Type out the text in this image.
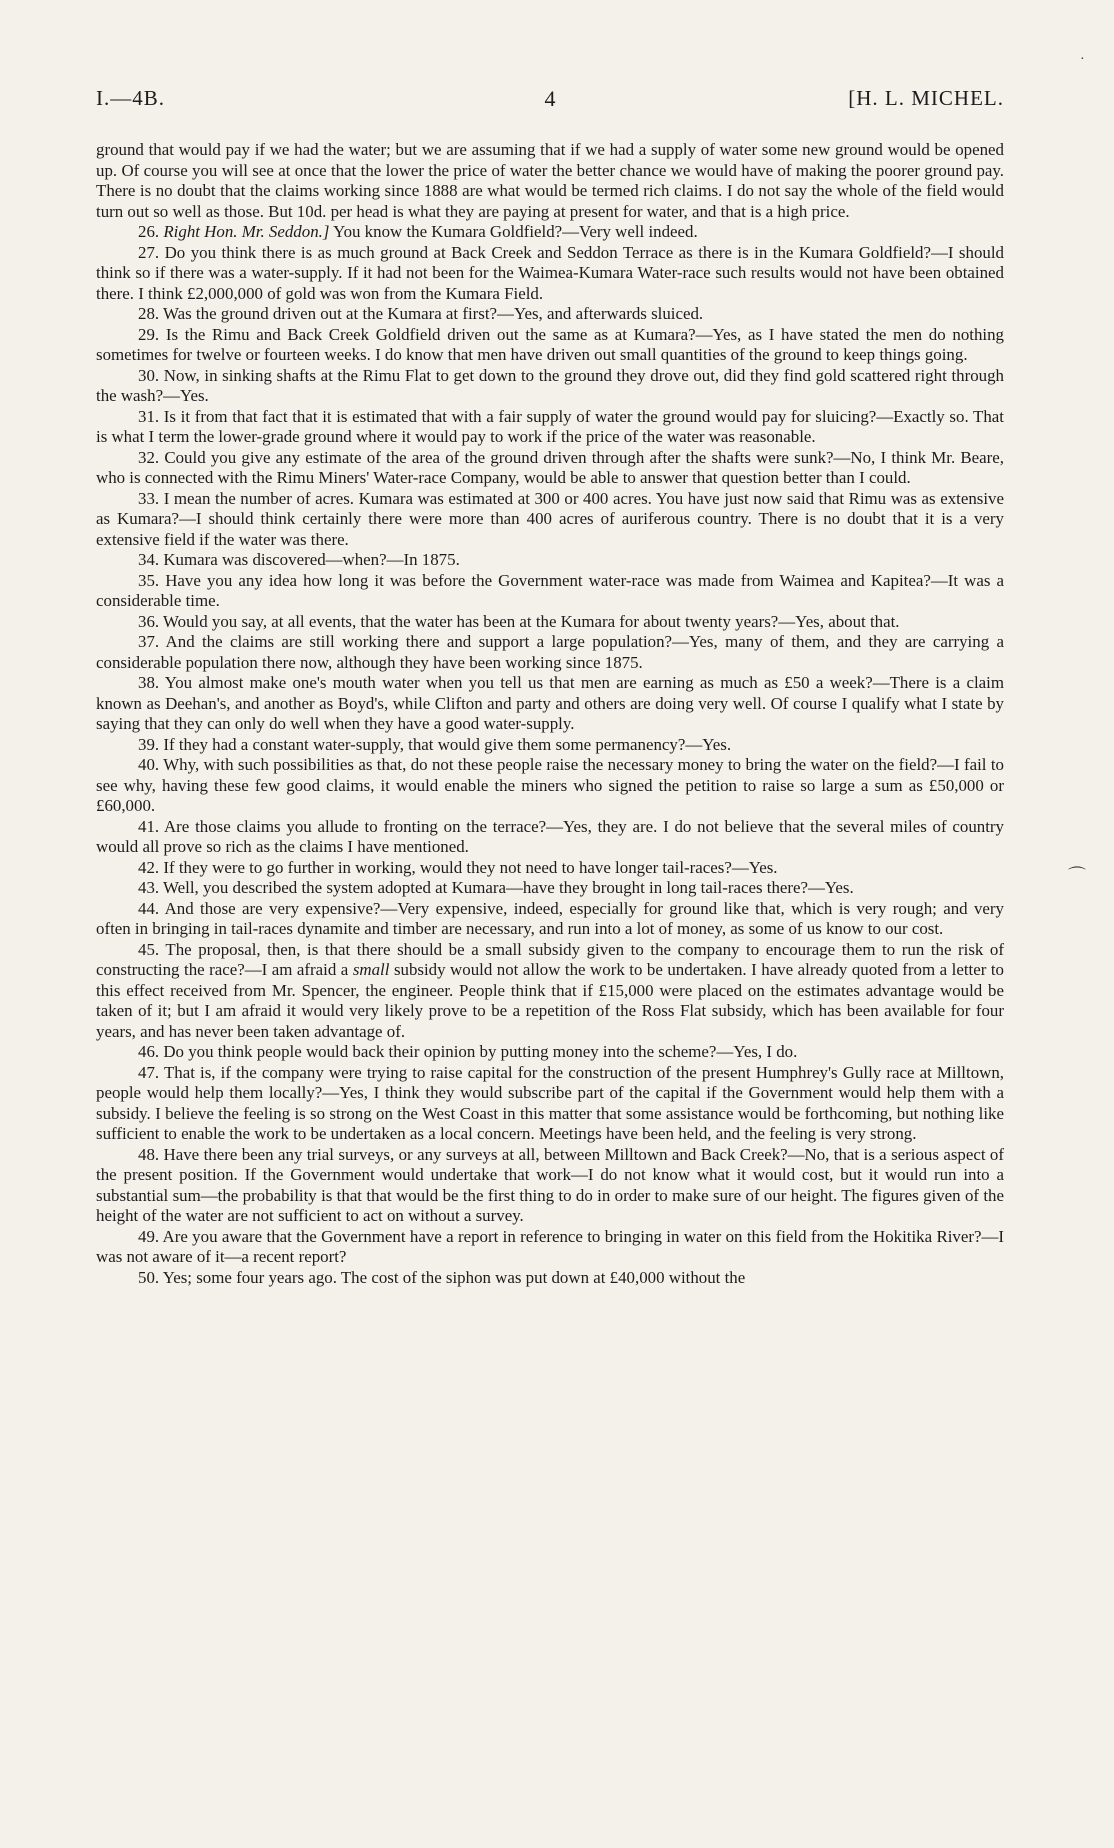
I.—4B.	4	[H. L. MICHEL.

ground that would pay if we had the water; but we are assuming that if we had a supply of water some new ground would be opened up. Of course you will see at once that the lower the price of water the better chance we would have of making the poorer ground pay. There is no doubt that the claims working since 1888 are what would be termed rich claims. I do not say the whole of the field would turn out so well as those. But 10d. per head is what they are paying at present for water, and that is a high price.

26. Right Hon. Mr. Seddon.] You know the Kumara Goldfield?—Very well indeed.

27. Do you think there is as much ground at Back Creek and Seddon Terrace as there is in the Kumara Goldfield?—I should think so if there was a water-supply. If it had not been for the Waimea-Kumara Water-race such results would not have been obtained there. I think £2,000,000 of gold was won from the Kumara Field.

28. Was the ground driven out at the Kumara at first?—Yes, and afterwards sluiced.

29. Is the Rimu and Back Creek Goldfield driven out the same as at Kumara?—Yes, as I have stated the men do nothing sometimes for twelve or fourteen weeks. I do know that men have driven out small quantities of the ground to keep things going.

30. Now, in sinking shafts at the Rimu Flat to get down to the ground they drove out, did they find gold scattered right through the wash?—Yes.

31. Is it from that fact that it is estimated that with a fair supply of water the ground would pay for sluicing?—Exactly so. That is what I term the lower-grade ground where it would pay to work if the price of the water was reasonable.

32. Could you give any estimate of the area of the ground driven through after the shafts were sunk?—No, I think Mr. Beare, who is connected with the Rimu Miners' Water-race Company, would be able to answer that question better than I could.

33. I mean the number of acres. Kumara was estimated at 300 or 400 acres. You have just now said that Rimu was as extensive as Kumara?—I should think certainly there were more than 400 acres of auriferous country. There is no doubt that it is a very extensive field if the water was there.

34. Kumara was discovered—when?—In 1875.

35. Have you any idea how long it was before the Government water-race was made from Waimea and Kapitea?—It was a considerable time.

36. Would you say, at all events, that the water has been at the Kumara for about twenty years?—Yes, about that.

37. And the claims are still working there and support a large population?—Yes, many of them, and they are carrying a considerable population there now, although they have been working since 1875.

38. You almost make one's mouth water when you tell us that men are earning as much as £50 a week?—There is a claim known as Deehan's, and another as Boyd's, while Clifton and party and others are doing very well. Of course I qualify what I state by saying that they can only do well when they have a good water-supply.

39. If they had a constant water-supply, that would give them some permanency?—Yes.

40. Why, with such possibilities as that, do not these people raise the necessary money to bring the water on the field?—I fail to see why, having these few good claims, it would enable the miners who signed the petition to raise so large a sum as £50,000 or £60,000.

41. Are those claims you allude to fronting on the terrace?—Yes, they are. I do not believe that the several miles of country would all prove so rich as the claims I have mentioned.

42. If they were to go further in working, would they not need to have longer tail-races?—Yes.

43. Well, you described the system adopted at Kumara—have they brought in long tail-races there?—Yes.

44. And those are very expensive?—Very expensive, indeed, especially for ground like that, which is very rough; and very often in bringing in tail-races dynamite and timber are necessary, and run into a lot of money, as some of us know to our cost.

45. The proposal, then, is that there should be a small subsidy given to the company to encourage them to run the risk of constructing the race?—I am afraid a small subsidy would not allow the work to be undertaken. I have already quoted from a letter to this effect received from Mr. Spencer, the engineer. People think that if £15,000 were placed on the estimates advantage would be taken of it; but I am afraid it would very likely prove to be a repetition of the Ross Flat subsidy, which has been available for four years, and has never been taken advantage of.

46. Do you think people would back their opinion by putting money into the scheme?—Yes, I do.

47. That is, if the company were trying to raise capital for the construction of the present Humphrey's Gully race at Milltown, people would help them locally?—Yes, I think they would subscribe part of the capital if the Government would help them with a subsidy. I believe the feeling is so strong on the West Coast in this matter that some assistance would be forthcoming, but nothing like sufficient to enable the work to be undertaken as a local concern. Meetings have been held, and the feeling is very strong.

48. Have there been any trial surveys, or any surveys at all, between Milltown and Back Creek?—No, that is a serious aspect of the present position. If the Government would undertake that work—I do not know what it would cost, but it would run into a substantial sum—the probability is that that would be the first thing to do in order to make sure of our height. The figures given of the height of the water are not sufficient to act on without a survey.

49. Are you aware that the Government have a report in reference to bringing in water on this field from the Hokitika River?—I was not aware of it—a recent report?

50. Yes; some four years ago. The cost of the siphon was put down at £40,000 without the

·
⌒
